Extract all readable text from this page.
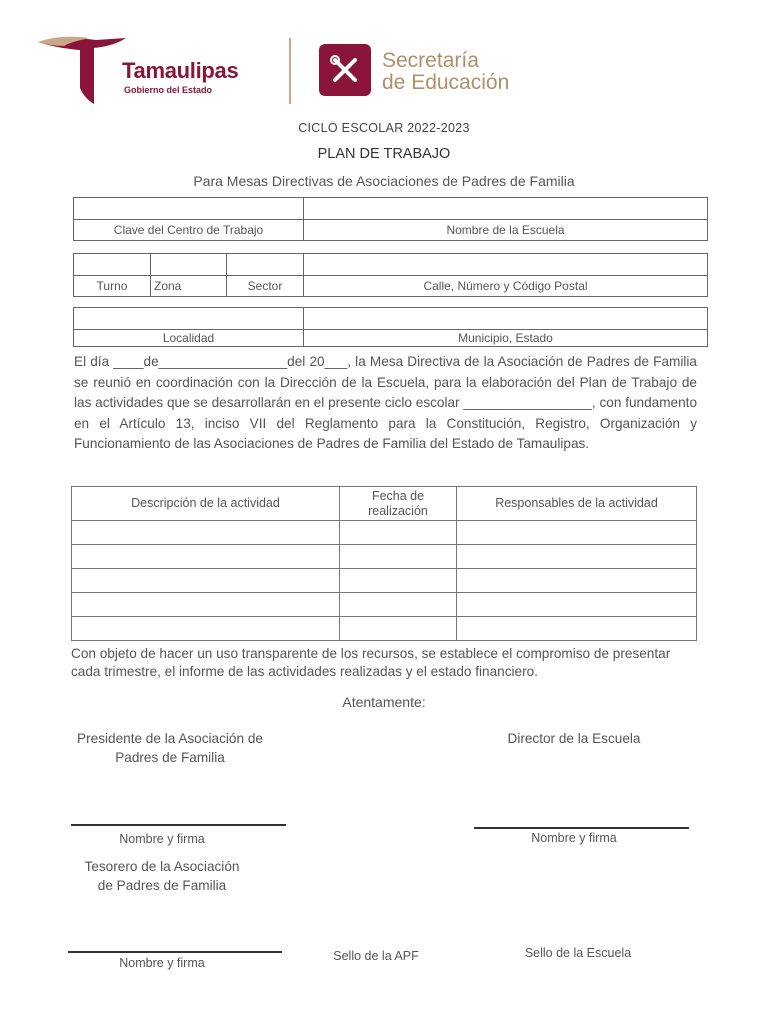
Tamaulipas
Gobierno del Estado
Secretaría
de Educación
CICLO ESCOLAR 2022-2023
PLAN DE TRABAJO
Para Mesas Directivas de Asociaciones de Padres de Familia

Clave del Centro de Trabajo	Nombre de la Escuela

Turno	Zona	Sector	Calle, Número y Código Postal

Localidad	Municipio, Estado
El día ____de_________________del 20___, la Mesa Directiva de la Asociación de Padres de Familia se reunió en coordinación con la Dirección de la Escuela, para la elaboración del Plan de Trabajo de las actividades que se desarrollarán en el presente ciclo escolar _________________, con fundamento en el Artículo 13, inciso VII del Reglamento para la Constitución, Registro, Organización y Funcionamiento de las Asociaciones de Padres de Familia del Estado de Tamaulipas.
Descripción de la actividad	Fecha de realización	Responsables de la actividad

Con objeto de hacer un uso transparente de los recursos, se establece el compromiso de presentar cada trimestre, el informe de las actividades realizadas y el estado financiero.
Atentamente:
Presidente de la Asociación de
Padres de Familia
Director de la Escuela
Nombre y firma	Nombre y firma
Tesorero de la Asociación
de Padres de Familia
Nombre y firma	Sello de la APF	Sello de la Escuela
